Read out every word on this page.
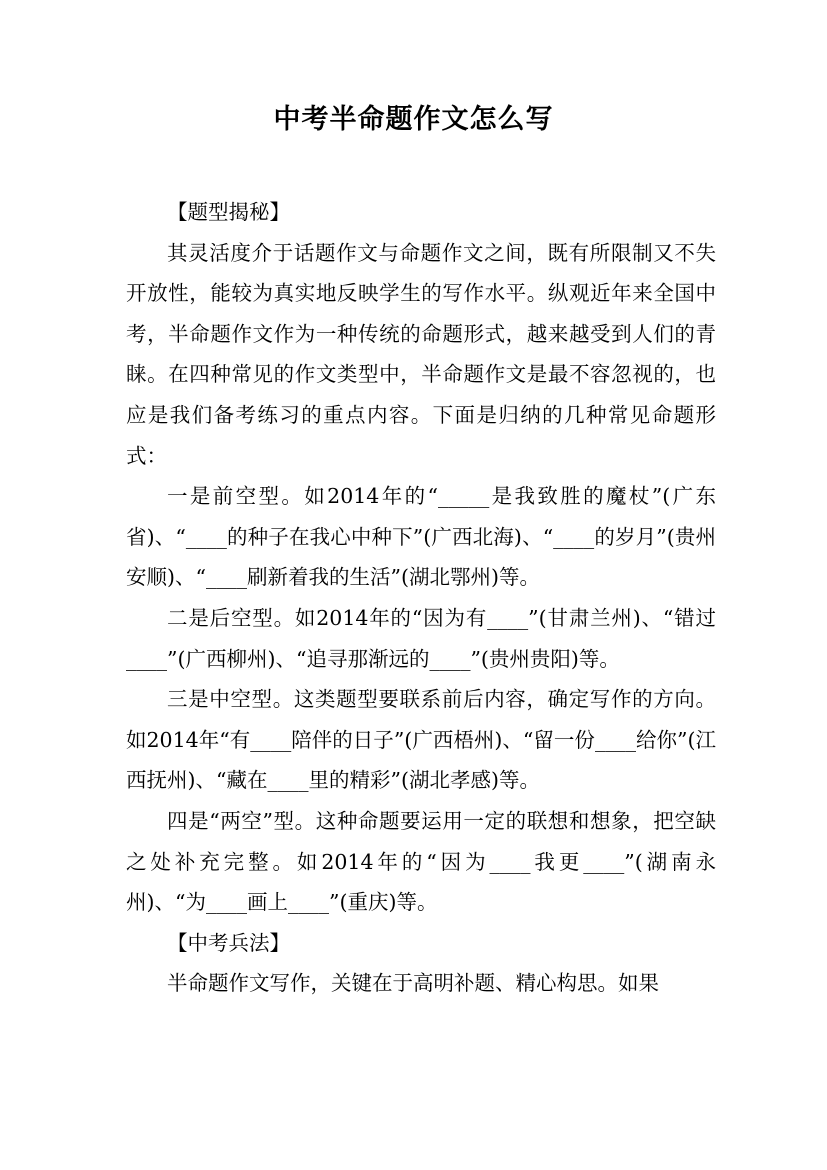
中考半命题作文怎么写

【题型揭秘】

其灵活度介于话题作文与命题作文之间，既有所限制又不失开放性，能较为真实地反映学生的写作水平。纵观近年来全国中考，半命题作文作为一种传统的命题形式，越来越受到人们的青睐。在四种常见的作文类型中，半命题作文是最不容忽视的，也应是我们备考练习的重点内容。下面是归纳的几种常见命题形式：

一是前空型。如2014年的“_____是我致胜的魔杖”(广东省)、“____的种子在我心中种下”(广西北海)、“____的岁月”(贵州安顺)、“____刷新着我的生活”(湖北鄂州)等。

二是后空型。如2014年的“因为有____”(甘肃兰州)、“错过____”(广西柳州)、“追寻那渐远的____”(贵州贵阳)等。

三是中空型。这类题型要联系前后内容，确定写作的方向。如2014年“有____陪伴的日子”(广西梧州)、“留一份____给你”(江西抚州)、“藏在____里的精彩”(湖北孝感)等。

四是“两空”型。这种命题要运用一定的联想和想象，把空缺之处补充完整。如2014年的“因为____我更____”(湖南永州)、“为____画上____”(重庆)等。

【中考兵法】

半命题作文写作，关键在于高明补题、精心构思。如果
